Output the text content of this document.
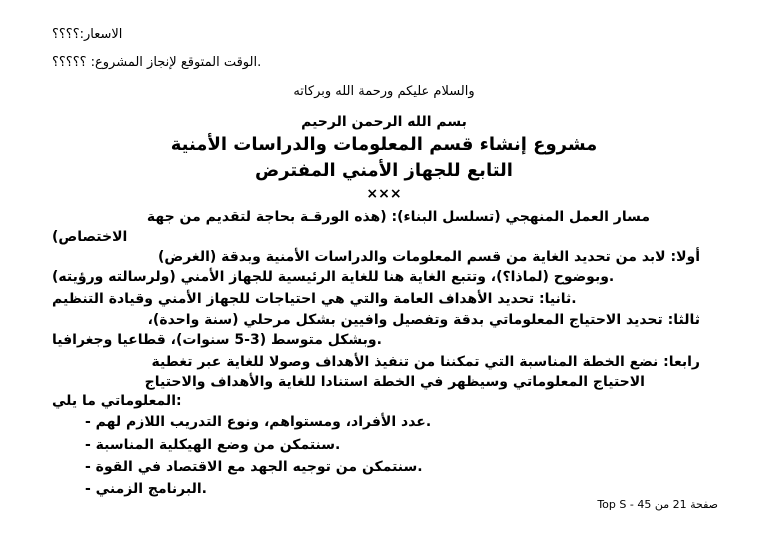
الاسعار:؟؟؟؟
.الوقت المتوقع لإنجاز المشروع: ؟؟؟؟؟
والسلام عليكم ورحمة الله وبركاته
بسم الله الرحمن الرحيم
مشروع إنشاء قسم المعلومات والدراسات الأمنية
التابع للجهاز الأمني المفترض
×××
مسار العمل المنهجي (تسلسل البناء): (هذه الورقـة بحاجة لتقديم من جهة
الاختصاص)
أولا: لابد من تحديد الغاية من قسم المعلومات والدراسات الأمنية وبدقة (الغرض)
.وبوضوح (لماذا؟)، وتتبع الغاية هنا للغاية الرئيسية للجهاز الأمني (ولرسالته ورؤيته)
.ثانيا: تحديد الأهداف العامة والتي هي احتياجات للجهاز الأمني وقيادة التنظيم
ثالثا: تحديد الاحتياج المعلوماتي بدقة وتفصيل وافيين بشكل مرحلي (سنة واحدة)،
.وبشكل متوسط (3-5 سنوات)، قطاعيا وجغرافيا
رابعا: نضع الخطة المناسبة التي تمكننا من تنفيذ الأهداف وصولا للغاية عبر تغطية
الاحتياج المعلوماتي وسيظهر في الخطة استنادا للغاية والأهداف والاحتياج
:المعلوماتي ما يلي
.عدد الأفراد، ومستواهم، ونوع التدريب اللازم لهم -
.سنتمكن من وضع الهيكلية المناسبة -
.سنتمكن من توجيه الجهد مع الاقتصاد في القوة -
.البرنامج الزمني -
Top S - صفحة 21 من 45
